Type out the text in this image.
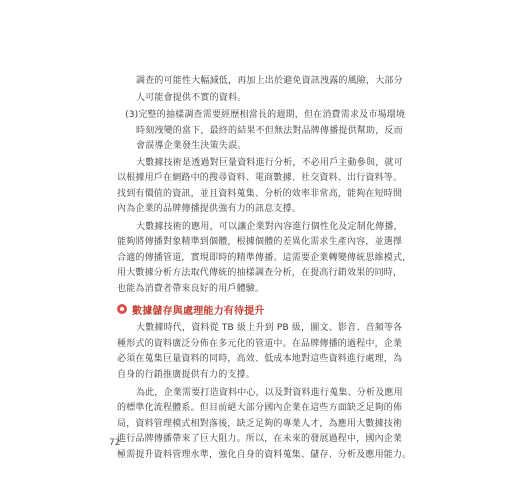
調查的可能性大幅減低，再加上出於避免資訊洩露的風險，大部分
人可能會提供不實的資料。
(3)完整的抽樣調查需要經歷相當長的週期，但在消費需求及市場環境
時刻洩變的當下，最終的結果不但無法對品牌傳播提供幫助，反而
會誤導企業發生決策失誤。
大數據技術是透過對巨量資料進行分析，不必用戶主動參與，就可
以根據用戶在網路中的搜尋資料、電商數據、社交資料、出行資料等。
找到有價值的資訊，並且資料蒐集、分析的效率非常高，能夠在短時間
內為企業的品牌傳播提供強有力的訊息支撐。
大數據技術的應用，可以讓企業對內容進行個性化及定制化傳播，
能夠將傳播對象精準到個體，根據個體的差異化需求生產內容，並選擇
合適的傳播管道，實現即時的精準傳播。這需要企業轉變傳統思維模式，
用大數據分析方法取代傳統的抽樣調查分析，在提高行銷效果的同時，
也能為消費者帶來良好的用戶體驗。
數據儲存與處理能力有待提升
大數據時代，資料從 TB 級上升到 PB 級，圖文、影音、音頻等各
種形式的資料廣泛分佈在多元化的管道中。在品牌傳播的過程中，企業
必須在蒐集巨量資料的同時，高效、低成本地對這些資料進行處理，為
自身的行銷推廣提供有力的支撐。
為此，企業需要打造資料中心，以及對資料進行蒐集、分析及應用
的標準化流程體系。但目前絕大部分國內企業在這些方面缺乏足夠的佈
局，資料管理模式相對落後，缺乏足夠的專業人才，為應用大數據技術
進行品牌傳播帶來了巨大阻力。所以，在未來的發展過程中，國內企業
極需提升資料管理水準，強化自身的資料蒐集、儲存、分析及應用能力。
72
